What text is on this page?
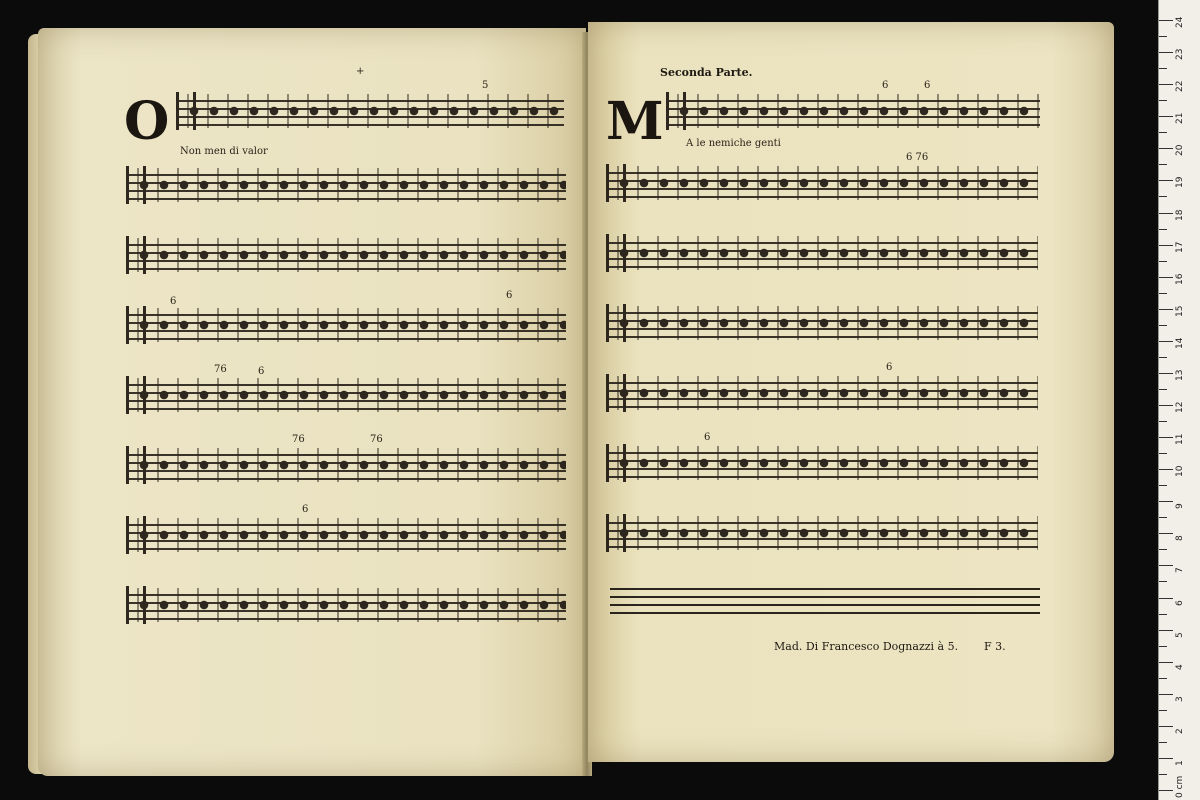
+
O Non men di valor
5
6
6
76	6
76	76
6
Seconda Parte.
M A le nemiche genti
6	6
6 76
6
6
Mad. Di Francesco Dognazzi à 5. F 3.
0 cm
1
2
3
4
5
6
7
8
9
10
11
12
13
14
15
16
17
18
19
20
21
22
23
24
